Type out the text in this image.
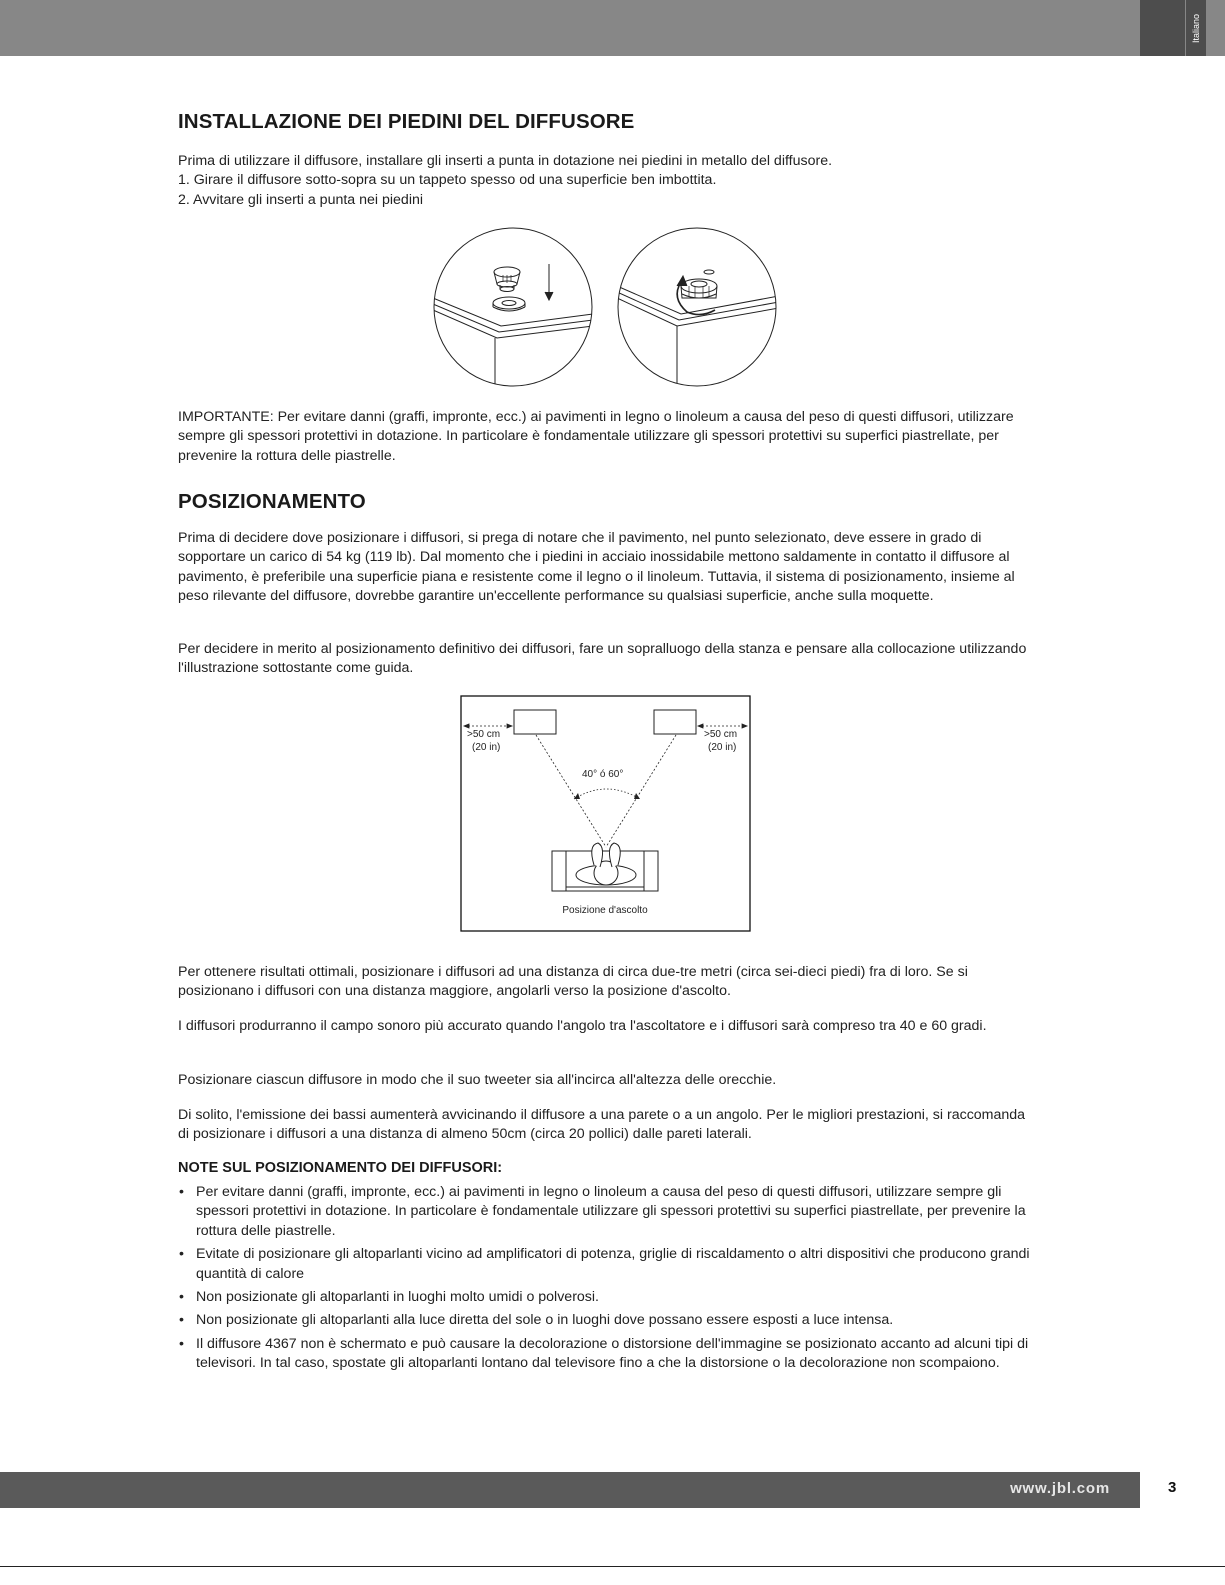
Italiano
INSTALLAZIONE DEI PIEDINI DEL DIFFUSORE

Prima di utilizzare il diffusore, installare gli inserti a punta in dotazione nei piedini in metallo del diffusore.

1. Girare il diffusore sotto-sopra su un tappeto spesso od una superficie ben imbottita.

2. Avvitare gli inserti a punta nei piedini

IMPORTANTE: Per evitare danni (graffi, impronte, ecc.) ai pavimenti in legno o linoleum a causa del peso di questi diffusori, utilizzare sempre gli spessori protettivi in dotazione. In particolare è fondamentale utilizzare gli spessori protettivi su superfici piastrellate, per prevenire la rottura delle piastrelle.

POSIZIONAMENTO

Prima di decidere dove posizionare i diffusori, si prega di notare che il pavimento, nel punto selezionato, deve essere in grado di sopportare un carico di 54 kg (119 lb). Dal momento che i piedini in acciaio inossidabile mettono saldamente in contatto il diffusore al pavimento, è preferibile una superficie piana e resistente come il legno o il linoleum. Tuttavia, il sistema di posizionamento, insieme al peso rilevante del diffusore, dovrebbe garantire un'eccellente performance su qualsiasi superficie, anche sulla moquette.

Per decidere in merito al posizionamento definitivo dei diffusori, fare un sopralluogo della stanza e pensare alla collocazione utilizzando l'illustrazione sottostante come guida.

Per ottenere risultati ottimali, posizionare i diffusori ad una distanza di circa due-tre metri (circa sei-dieci piedi) fra di loro. Se si posizionano i diffusori con una distanza maggiore, angolarli verso la posizione d'ascolto.

I diffusori produrranno il campo sonoro più accurato quando l'angolo tra l'ascoltatore e i diffusori sarà compreso tra 40 e 60 gradi.

Posizionare ciascun diffusore in modo che il suo tweeter sia all'incirca all'altezza delle orecchie.

Di solito, l'emissione dei bassi aumenterà avvicinando il diffusore a una parete o a un angolo. Per le migliori prestazioni, si raccomanda di posizionare i diffusori a una distanza di almeno 50cm (circa 20 pollici) dalle pareti laterali.

NOTE SUL POSIZIONAMENTO DEI DIFFUSORI:
• Per evitare danni (graffi, impronte, ecc.) ai pavimenti in legno o linoleum a causa del peso di questi diffusori, utilizzare sempre gli spessori protettivi in dotazione. In particolare è fondamentale utilizzare gli spessori protettivi su superfici piastrellate, per prevenire la rottura delle piastrelle.
• Evitate di posizionare gli altoparlanti vicino ad amplificatori di potenza, griglie di riscaldamento o altri dispositivi che producono grandi quantità di calore
• Non posizionate gli altoparlanti in luoghi molto umidi o polverosi.
• Non posizionate gli altoparlanti alla luce diretta del sole o in luoghi dove possano essere esposti a luce intensa.
• Il diffusore 4367 non è schermato e può causare la decolorazione o distorsione dell'immagine se posizionato accanto ad alcuni tipi di televisori. In tal caso, spostate gli altoparlanti lontano dal televisore fino a che la distorsione o la decolorazione non scompaiono.
>50 cm
(20 in)
>50 cm
(20 in)
40° ó 60°
Posizione d'ascolto
www.jbl.com	3
